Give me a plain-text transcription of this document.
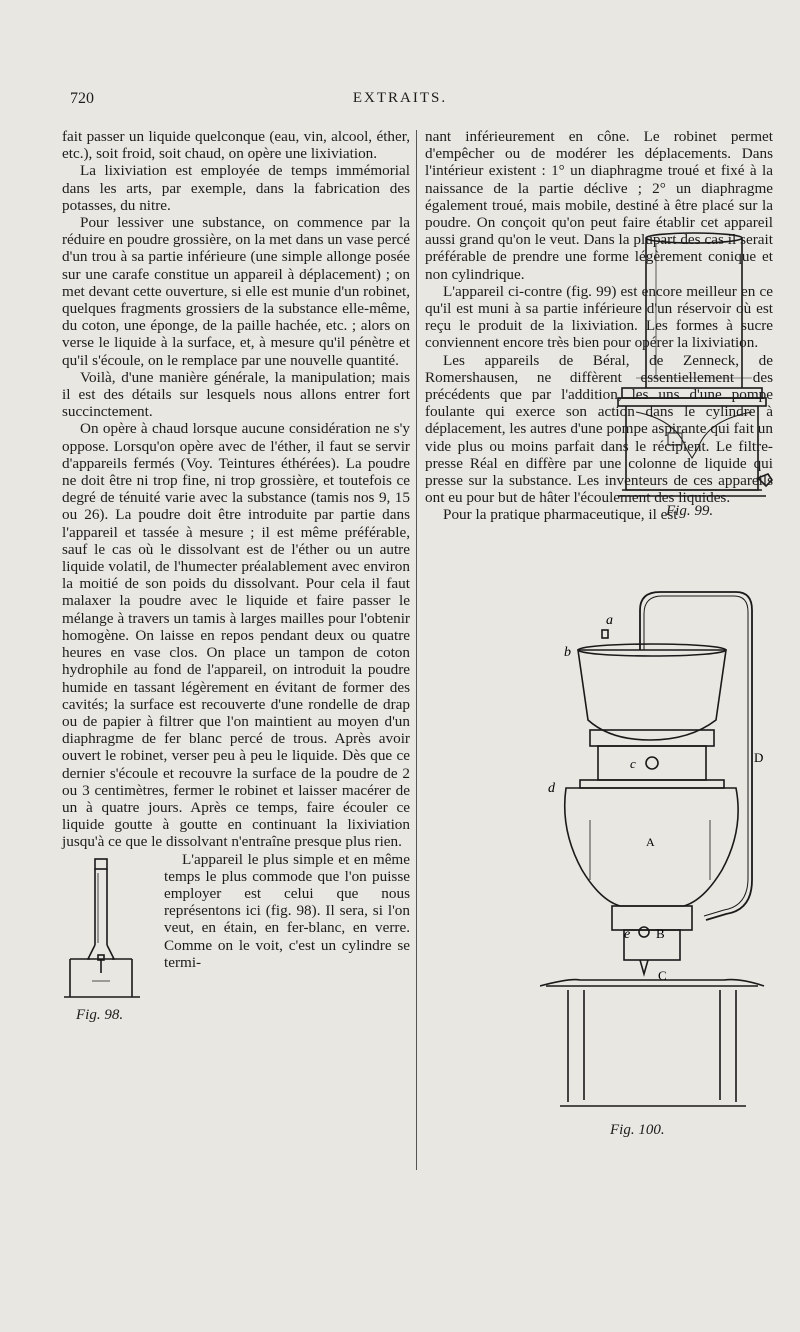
720	EXTRAITS.

fait passer un liquide quelconque (eau, vin, alcool, éther, etc.), soit froid, soit chaud, on opère une lixiviation.

La lixiviation est employée de temps immémorial dans les arts, par exemple, dans la fabrication des potasses, du nitre.

Pour lessiver une substance, on commence par la réduire en poudre grossière, on la met dans un vase percé d'un trou à sa partie inférieure (une simple allonge posée sur une carafe constitue un appareil à déplacement) ; on met devant cette ouverture, si elle est munie d'un robinet, quelques fragments grossiers de la substance elle-même, du coton, une éponge, de la paille hachée, etc. ; alors on verse le liquide à la surface, et, à mesure qu'il pénètre et qu'il s'écoule, on le remplace par une nouvelle quantité.

Voilà, d'une manière générale, la manipulation; mais il est des détails sur lesquels nous allons entrer fort succinctement.

On opère à chaud lorsque aucune considération ne s'y oppose. Lorsqu'on opère avec de l'éther, il faut se servir d'appareils fermés (Voy. Teintures éthérées). La poudre ne doit être ni trop fine, ni trop grossière, et toutefois ce degré de ténuité varie avec la substance (tamis nos 9, 15 ou 26). La poudre doit être introduite par partie dans l'appareil et tassée à mesure ; il est même préférable, sauf le cas où le dissolvant est de l'éther ou un autre liquide volatil, de l'humecter préalablement avec environ la moitié de son poids du dissolvant. Pour cela il faut malaxer la poudre avec le liquide et faire passer le mélange à travers un tamis à larges mailles pour l'obtenir homogène. On laisse en repos pendant deux ou quatre heures en vase clos. On place un tampon de coton hydrophile au fond de l'appareil, on introduit la poudre humide en tassant légèrement en évitant de former des cavités; la surface est recouverte d'une rondelle de drap ou de papier à filtrer que l'on maintient au moyen d'un diaphragme de fer blanc percé de trous. Après avoir ouvert le robinet, verser peu à peu le liquide. Dès que ce dernier s'écoule et recouvre la surface de la poudre de 2 ou 3 centimètres, fermer le robinet et laisser macérer de un à quatre jours. Après ce temps, faire écouler ce liquide goutte à goutte en continuant la lixiviation jusqu'à ce que le dissolvant n'entraîne presque plus rien.

Fig. 98.

L'appareil le plus simple et en même temps le plus commode que l'on puisse employer est celui que nous représentons ici (fig. 98). Il sera, si l'on veut, en étain, en fer-blanc, en verre. Comme on le voit, c'est un cylindre se termi-

nant inférieurement en cône. Le robinet permet d'empêcher ou de modérer les déplacements. Dans l'intérieur existent : 1° un diaphragme troué et fixé à la naissance de la partie déclive ; 2° un diaphragme également troué, mais mobile, destiné à être placé sur la poudre. On conçoit qu'on peut faire établir cet appareil aussi grand qu'on le veut. Dans la plupart des cas il serait préférable de prendre une forme légèrement conique et non cylindrique.

L'appareil ci-contre (fig. 99) est encore meilleur en ce qu'il est muni à sa partie inférieure d'un réservoir où est reçu le produit de la lixiviation. Les formes à sucre conviennent encore très bien pour opérer la lixiviation.

Les appareils de Béral, de Zenneck, de Romershausen, ne diffèrent essentiellement des précédents que par l'addition, les uns d'une pompe foulante qui exerce son action dans le cylindre à déplacement, les autres d'une pompe aspirante qui fait un vide plus ou moins parfait dans le récipient. Le filtre-presse Réal en diffère par une colonne de liquide qui presse sur la substance. Les inventeurs de ces appareils ont eu pour but de hâter l'écoulement des liquides.

Pour la pratique pharmaceutique, il est

Fig. 99.
a
b
c
d
D
A
B
C
e
Fig. 100.
